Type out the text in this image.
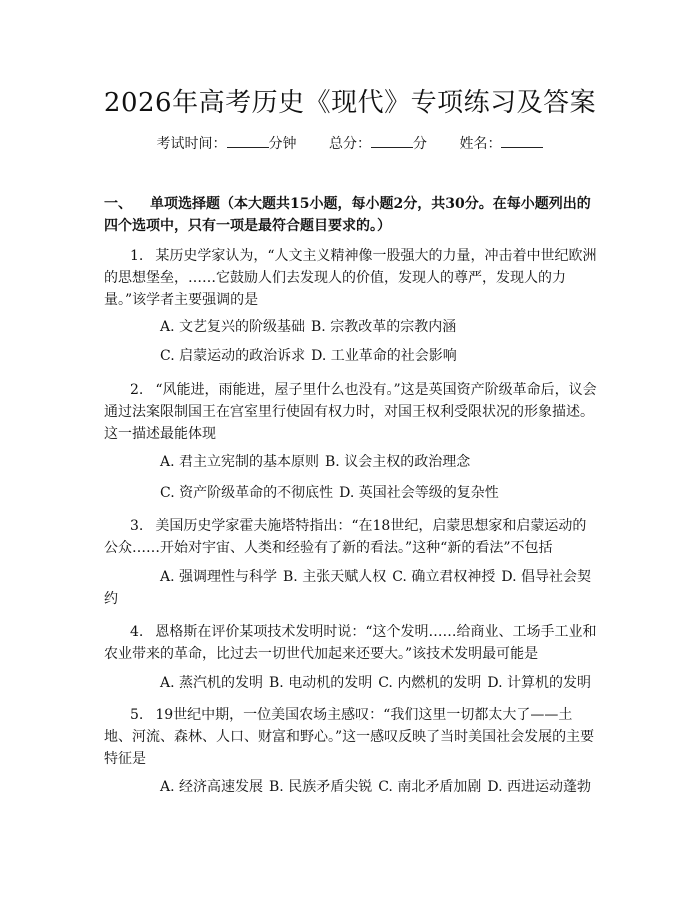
2026年高考历史《现代》专项练习及答案
考试时间：	分钟 总分：	分 姓名：
一、 单项选择题（本大题共15小题，每小题2分，共30分。在每小题列出的四个选项中，只有一项是最符合题目要求的。）
1. 某历史学家认为，“人文主义精神像一股强大的力量，冲击着中世纪欧洲的思想堡垒，……它鼓励人们去发现人的价值，发现人的尊严，发现人的力量。”该学者主要强调的是
A. 文艺复兴的阶级基础 B. 宗教改革的宗教内涵
C. 启蒙运动的政治诉求 D. 工业革命的社会影响
2. “风能进，雨能进，屋子里什么也没有。”这是英国资产阶级革命后，议会通过法案限制国王在宫室里行使固有权力时，对国王权利受限状况的形象描述。这一描述最能体现
A. 君主立宪制的基本原则 B. 议会主权的政治理念
C. 资产阶级革命的不彻底性 D. 英国社会等级的复杂性
3. 美国历史学家霍夫施塔特指出：“在18世纪，启蒙思想家和启蒙运动的公众……开始对宇宙、人类和经验有了新的看法。”这种“新的看法”不包括
A. 强调理性与科学 B. 主张天赋人权 C. 确立君权神授 D. 倡导社会契约
4. 恩格斯在评价某项技术发明时说：“这个发明……给商业、工场手工业和农业带来的革命，比过去一切世代加起来还要大。”该技术发明最可能是
A. 蒸汽机的发明 B. 电动机的发明 C. 内燃机的发明 D. 计算机的发明
5. 19世纪中期，一位美国农场主感叹：“我们这里一切都太大了——土地、河流、森林、人口、财富和野心。”这一感叹反映了当时美国社会发展的主要特征是
A. 经济高速发展 B. 民族矛盾尖锐 C. 南北矛盾加剧 D. 西进运动蓬勃
